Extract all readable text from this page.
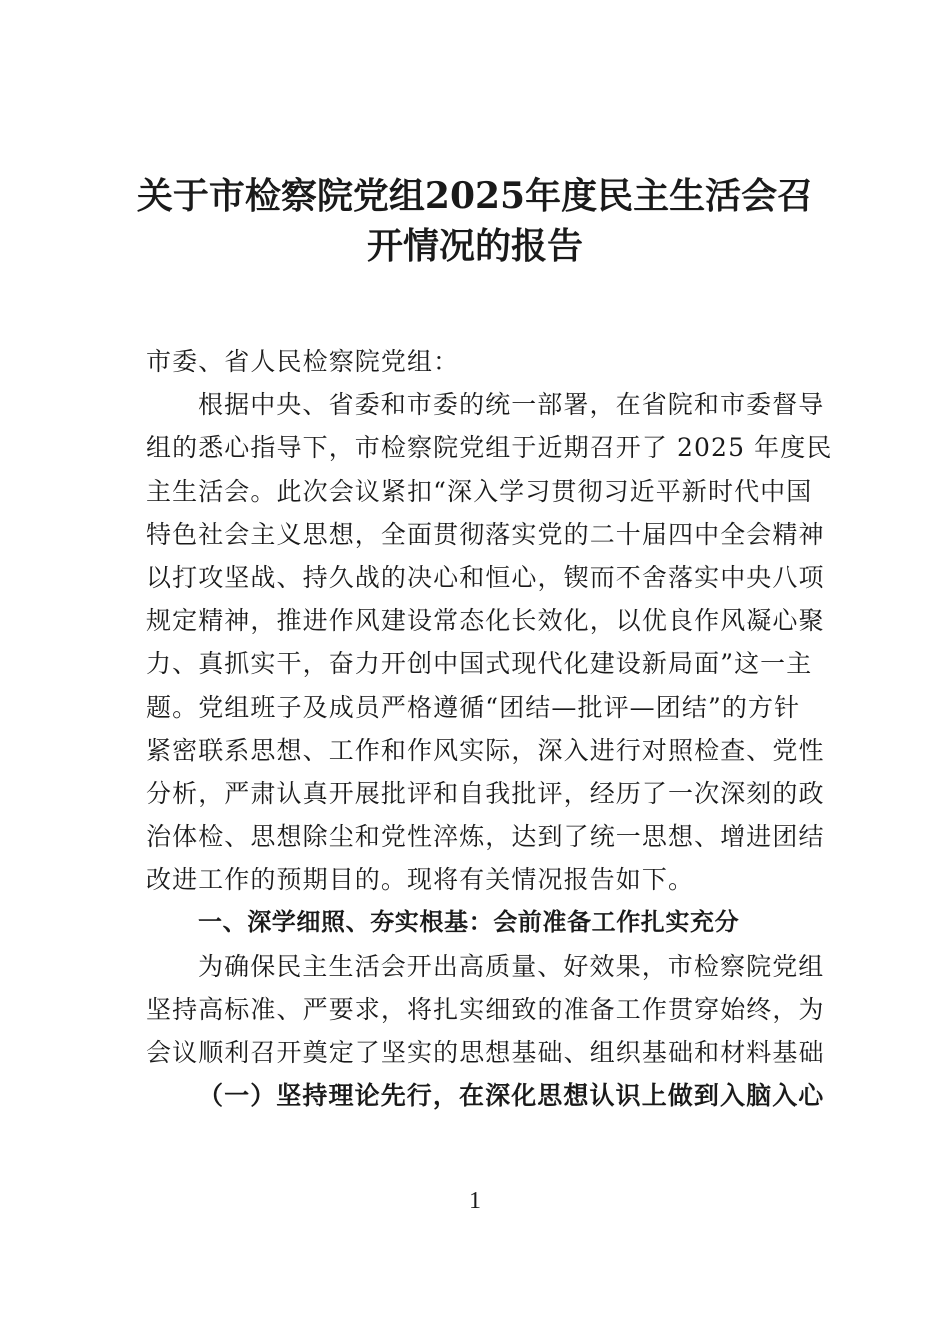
关于市检察院党组2025年度民主生活会召
开情况的报告
市委、省人民检察院党组：
根据中央、省委和市委的统一部署，在省院和市委督导
组的悉心指导下，市检察院党组于近期召开了 2025 年度民
主生活会。此次会议紧扣“深入学习贯彻习近平新时代中国
特色社会主义思想，全面贯彻落实党的二十届四中全会精神
以打攻坚战、持久战的决心和恒心，锲而不舍落实中央八项
规定精神，推进作风建设常态化长效化，以优良作风凝心聚
力、真抓实干，奋力开创中国式现代化建设新局面”这一主
题。党组班子及成员严格遵循“团结—批评—团结”的方针
紧密联系思想、工作和作风实际，深入进行对照检查、党性
分析，严肃认真开展批评和自我批评，经历了一次深刻的政
治体检、思想除尘和党性淬炼，达到了统一思想、增进团结
改进工作的预期目的。现将有关情况报告如下。
一、深学细照、夯实根基：会前准备工作扎实充分
为确保民主生活会开出高质量、好效果，市检察院党组
坚持高标准、严要求，将扎实细致的准备工作贯穿始终，为
会议顺利召开奠定了坚实的思想基础、组织基础和材料基础
（一）坚持理论先行，在深化思想认识上做到入脑入心
1
